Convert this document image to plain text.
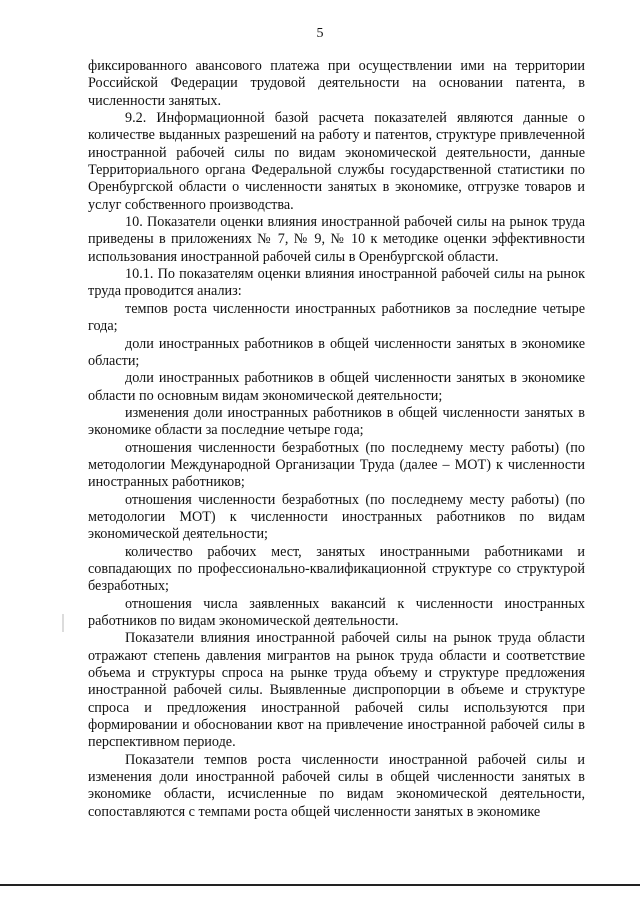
5

фиксированного авансового платежа при осуществлении ими на территории Российской Федерации трудовой деятельности на основании патента, в численности занятых.

9.2. Информационной базой расчета показателей являются данные о количестве выданных разрешений на работу и патентов, структуре привлеченной иностранной рабочей силы по видам экономической деятельности, данные Территориального органа Федеральной службы государственной статистики по Оренбургской области о численности занятых в экономике, отгрузке товаров и услуг собственного производства.

10. Показатели оценки влияния иностранной рабочей силы на рынок труда приведены в приложениях № 7, № 9, № 10 к методике оценки эффективности использования иностранной рабочей силы в Оренбургской области.

10.1. По показателям оценки влияния иностранной рабочей силы на рынок труда проводится анализ:

темпов роста численности иностранных работников за последние четыре года;

доли иностранных работников в общей численности занятых в экономике области;

доли иностранных работников в общей численности занятых в экономике области по основным видам экономической деятельности;

изменения доли иностранных работников в общей численности занятых в экономике области за последние четыре года;

отношения численности безработных (по последнему месту работы) (по методологии Международной Организации Труда (далее – МОТ) к численности иностранных работников;

отношения численности безработных (по последнему месту работы) (по методологии МОТ) к численности иностранных работников по видам экономической деятельности;

количество рабочих мест, занятых иностранными работниками и совпадающих по профессионально-квалификационной структуре со структурой безработных;

отношения числа заявленных вакансий к численности иностранных работников по видам экономической деятельности.

Показатели влияния иностранной рабочей силы на рынок труда области отражают степень давления мигрантов на рынок труда области и соответствие объема и структуры спроса на рынке труда объему и структуре предложения иностранной рабочей силы. Выявленные диспропорции в объеме и структуре спроса и предложения иностранной рабочей силы используются при формировании и обосновании квот на привлечение иностранной рабочей силы в перспективном периоде.

Показатели темпов роста численности иностранной рабочей силы и изменения доли иностранной рабочей силы в общей численности занятых в экономике области, исчисленные по видам экономической деятельности, сопоставляются с темпами роста общей численности занятых в экономике
